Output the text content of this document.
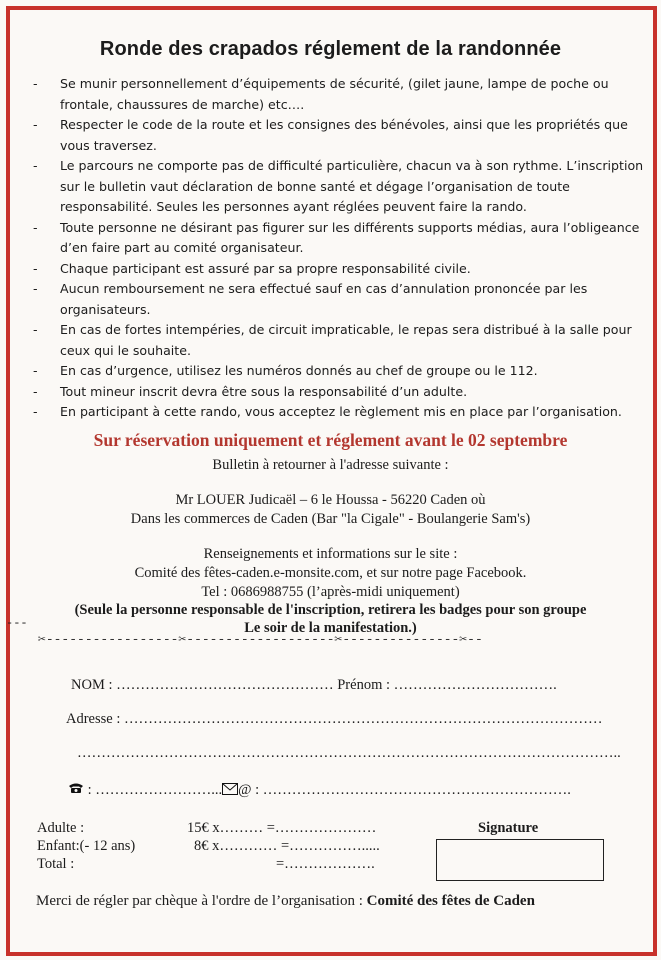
Ronde des crapados réglement de la randonnée
- Se munir personnellement d’équipements de sécurité, (gilet jaune, lampe de poche ou
frontale, chaussures de marche) etc….
- Respecter le code de la route et les consignes des bénévoles, ainsi que les propriétés que
vous traversez.
- Le parcours ne comporte pas de difficulté particulière, chacun va à son rythme. L’inscription
sur le bulletin vaut déclaration de bonne santé et dégage l’organisation de toute
responsabilité. Seules les personnes ayant réglées peuvent faire la rando.
- Toute personne ne désirant pas figurer sur les différents supports médias, aura l’obligeance
d’en faire part au comité organisateur.
- Chaque participant est assuré par sa propre responsabilité civile.
- Aucun remboursement ne sera effectué sauf en cas d’annulation prononcée par les
organisateurs.
- En cas de fortes intempéries, de circuit impraticable, le repas sera distribué à la salle pour
ceux qui le souhaite.
- En cas d’urgence, utilisez les numéros donnés au chef de groupe ou le 112.
- Tout mineur inscrit devra être sous la responsabilité d’un adulte.
- En participant à cette rando, vous acceptez le règlement mis en place par l’organisation.
Sur réservation uniquement et réglement avant le 02 septembre
Bulletin à retourner à l'adresse suivante :
Mr LOUER Judicaël – 6 le Houssa - 56220 Caden où
Dans les commerces de Caden (Bar "la Cigale" - Boulangerie Sam's)
Renseignements et informations sur le site :
Comité des fêtes-caden.e-monsite.com, et sur notre page Facebook.
Tel : 0686988755 (l’après-midi uniquement)
(Seule la personne responsable de l'inscription, retirera les badges pour son groupe
Le soir de la manifestation.)
---
✂-----------------✂-------------------✂---------------✂--
NOM : ……………………………………… Prénom : …………………………….
Adresse : ………………………………………………………………………………………
…………………………………………………………………………………………………..
: ……………………... @ : ……………………………………………………….
Adulte :	15€ x……… =…………………
Enfant:(- 12 ans)	8€ x………… =…………….....
Total :	=……………….
Signature
Merci de régler par chèque à l'ordre de l’organisation : Comité des fêtes de Caden
